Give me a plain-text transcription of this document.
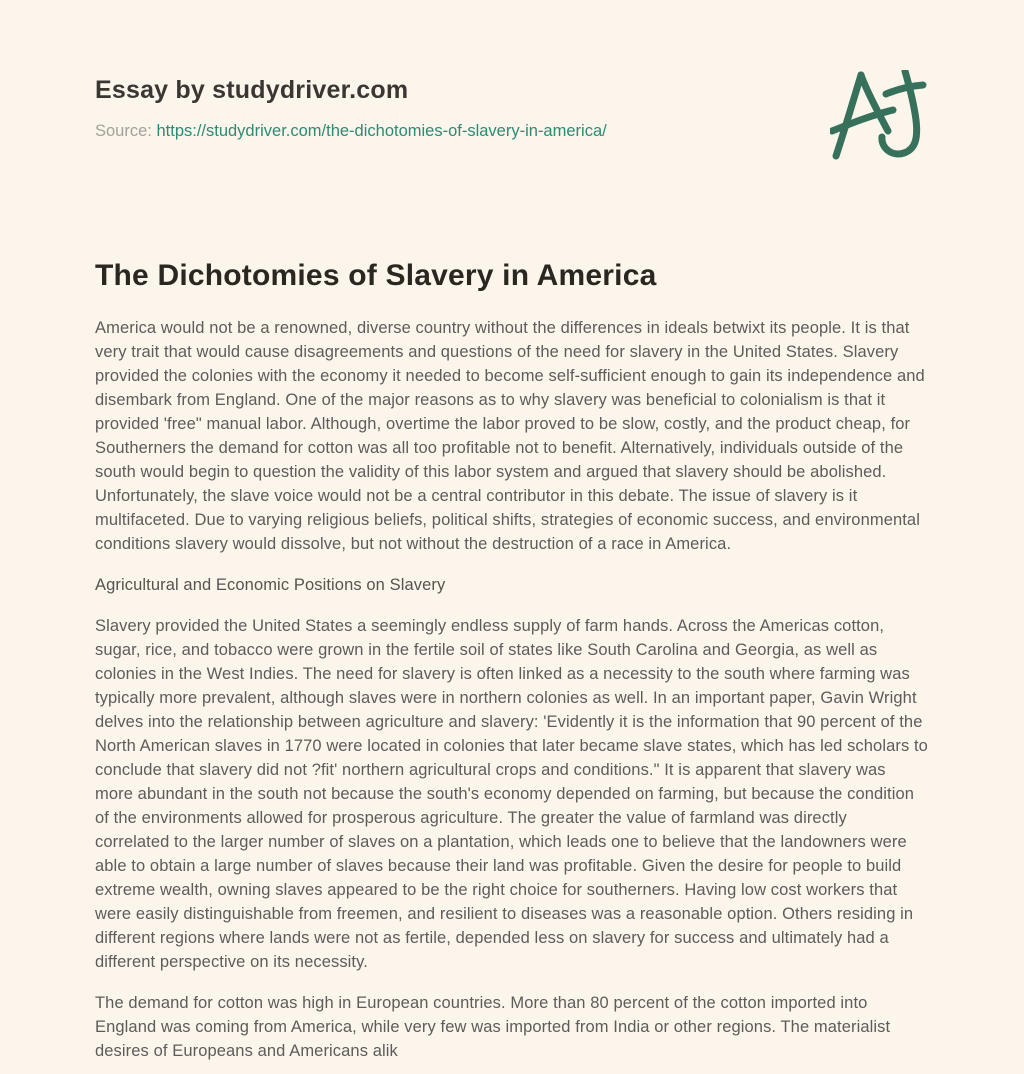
Essay by studydriver.com
Source: https://studydriver.com/the-dichotomies-of-slavery-in-america/
The Dichotomies of Slavery in America
America would not be a renowned, diverse country without the differences in ideals betwixt its people. It is that
very trait that would cause disagreements and questions of the need for slavery in the United States. Slavery
provided the colonies with the economy it needed to become self-sufficient enough to gain its independence and
disembark from England. One of the major reasons as to why slavery was beneficial to colonialism is that it
provided 'free" manual labor. Although, overtime the labor proved to be slow, costly, and the product cheap, for
Southerners the demand for cotton was all too profitable not to benefit. Alternatively, individuals outside of the
south would begin to question the validity of this labor system and argued that slavery should be abolished.
Unfortunately, the slave voice would not be a central contributor in this debate. The issue of slavery is it
multifaceted. Due to varying religious beliefs, political shifts, strategies of economic success, and environmental
conditions slavery would dissolve, but not without the destruction of a race in America.
Agricultural and Economic Positions on Slavery
Slavery provided the United States a seemingly endless supply of farm hands. Across the Americas cotton,
sugar, rice, and tobacco were grown in the fertile soil of states like South Carolina and Georgia, as well as
colonies in the West Indies. The need for slavery is often linked as a necessity to the south where farming was
typically more prevalent, although slaves were in northern colonies as well. In an important paper, Gavin Wright
delves into the relationship between agriculture and slavery: 'Evidently it is the information that 90 percent of the
North American slaves in 1770 were located in colonies that later became slave states, which has led scholars to
conclude that slavery did not ?fit' northern agricultural crops and conditions." It is apparent that slavery was
more abundant in the south not because the south's economy depended on farming, but because the condition
of the environments allowed for prosperous agriculture. The greater the value of farmland was directly
correlated to the larger number of slaves on a plantation, which leads one to believe that the landowners were
able to obtain a large number of slaves because their land was profitable. Given the desire for people to build
extreme wealth, owning slaves appeared to be the right choice for southerners. Having low cost workers that
were easily distinguishable from freemen, and resilient to diseases was a reasonable option. Others residing in
different regions where lands were not as fertile, depended less on slavery for success and ultimately had a
different perspective on its necessity.
The demand for cotton was high in European countries. More than 80 percent of the cotton imported into
England was coming from America, while very few was imported from India or other regions. The materialist
desires of Europeans and Americans alik
